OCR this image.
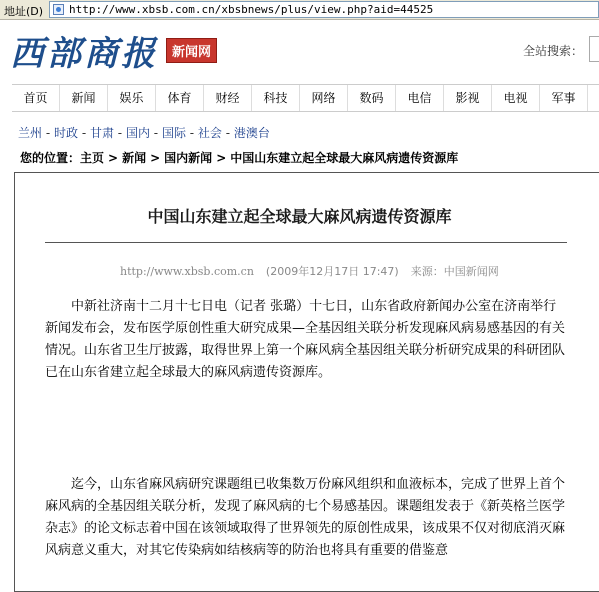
地址(D) http://www.xbsb.com.cn/xbsbnews/plus/view.php?aid=44525
西部商报	新闻网	全站搜索：
首页	新闻	娱乐	体育	财经	科技	网络	数码	电信	影视	电视	军事
兰州 - 时政 - 甘肃 - 国内 - 国际 - 社会 - 港澳台
您的位置：主页 > 新闻 > 国内新闻 > 中国山东建立起全球最大麻风病遗传资源库
中国山东建立起全球最大麻风病遗传资源库
http://www.xbsb.com.cn (2009年12月17日 17:47) 来源：中国新闻网

中新社济南十二月十七日电（记者 张璐）十七日，山东省政府新闻办公室在济南举行新闻发布会，发布医学原创性重大研究成果—全基因组关联分析发现麻风病易感基因的有关情况。山东省卫生厅披露，取得世界上第一个麻风病全基因组关联分析研究成果的科研团队已在山东省建立起全球最大的麻风病遗传资源库。

迄今，山东省麻风病研究课题组已收集数万份麻风组织和血液标本，完成了世界上首个麻风病的全基因组关联分析，发现了麻风病的七个易感基因。课题组发表于《新英格兰医学杂志》的论文标志着中国在该领域取得了世界领先的原创性成果，该成果不仅对彻底消灭麻风病意义重大，对其它传染病如结核病等的防治也将具有重要的借鉴意
